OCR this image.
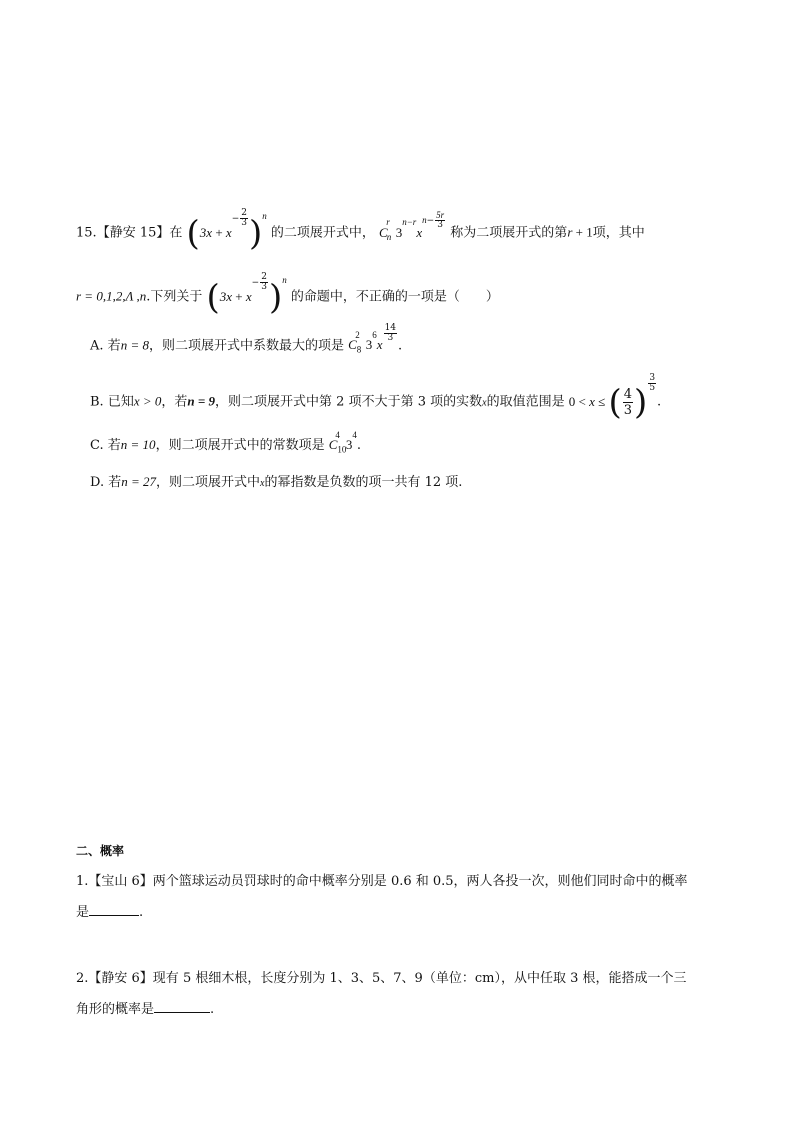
15.【静安 15】在 ($3x + x^{- \frac{2}{3}}$ )$^n$ 的二项展开式中， $C_n^r3^{n-r}x^{n- \frac{5r}{3}}$
称为二项展开式的第r + 1项，其中
r = 0,1,2,Λ ,n.下列关于 ($3x + x^{- \frac{2}{3}}$ )$^n$ 的命题中，不正确的一项是（　　）
A. 若n = 8，则二项展开式中系数最大的项是 $C_8^23^6x$
$^{\frac{14}{3}}$
.
B. 已知x > 0，若n = 9，则二项展开式中第 2 项不大于第 3 项的实数x的取值范围是 0 < x ≤ ( $\frac{4}{3}$ ) $^{\frac{3}{5}}$
.
C. 若n = 10，则二项展开式中的常数项是 $C_{10}^43^4$.
D. 若n = 27，则二项展开式中x的幂指数是负数的项一共有 12 项.
二、概率
1.【宝山 6】两个篮球运动员罚球时的命中概率分别是 0.6 和 0.5，两人各投一次，则他们同时命中的概率
是	.
2.【静安 6】现有 5 根细木根，长度分别为 1、3、5、7、9（单位：cm），从中任取 3 根，能搭成一个三
角形的概率是	.
